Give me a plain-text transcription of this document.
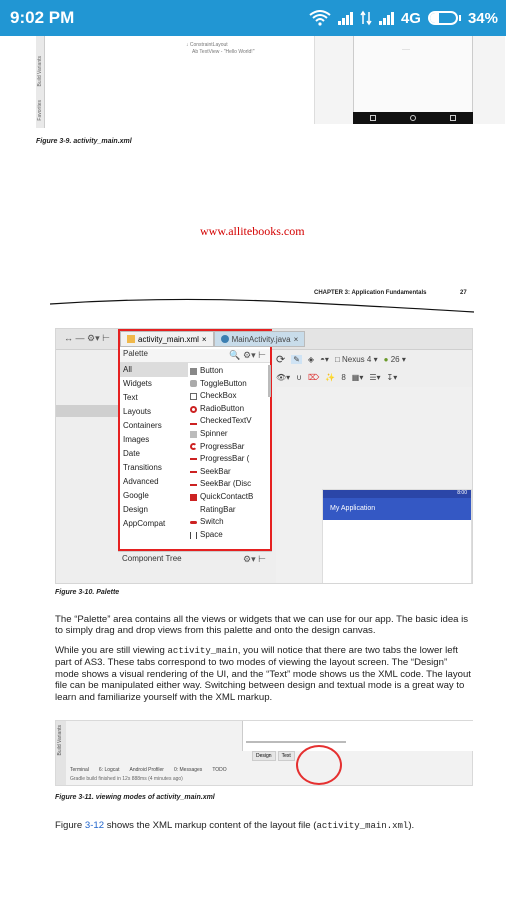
9:02 PM	4G	34%
Build Variants
Favorites
↓ ConstraintLayout
Ab TextView - "Hello World!"
——
Figure 3-9. activity_main.xml
www.allitebooks.com
CHAPTER 3: Application Fundamentals	27
↔ — ⚙▾ ⊢	activity_main.xml ×	MainActivity.java ×
Palette	🔍 ⚙▾ ⊢
All
Widgets
Text
Layouts
Containers
Images
Date
Transitions
Advanced
Google
Design
AppCompat
Button
ToggleButton
CheckBox
RadioButton
CheckedTextV
Spinner
ProgressBar
ProgressBar (
SeekBar
SeekBar (Disc
QuickContactB
RatingBar
Switch
Space
Component Tree	⚙▾ ⊢
⟳ ✎ ◈ ◓▾ □ Nexus 4 ▾ ● 26 ▾
👁▾ ∪ ⌦ ✨ 8 ▦▾ ☰▾ ↧▾
8:00
My Application
Figure 3-10. Palette
The “Palette” area contains all the views or widgets that we can use for our app. The basic idea is to simply drag and drop views from this palette and onto the design canvas.
While you are still viewing activity_main, you will notice that there are two tabs the lower left part of AS3. These tabs correspond to two modes of viewing the layout screen. The “Design” mode shows a visual rendering of the UI, and the “Text” mode shows us the XML code. The layout file can be manipulated either way. Switching between design and textual mode is a great way to learn and familiarize yourself with the XML markup.
Build Variants
Design	Text
Terminal 6: Logcat Android Profiler 0: Messages TODO
Gradle build finished in 12s 888ms (4 minutes ago)
Figure 3-11. viewing modes of activity_main.xml
Figure 3-12 shows the XML markup content of the layout file (activity_main.xml).
